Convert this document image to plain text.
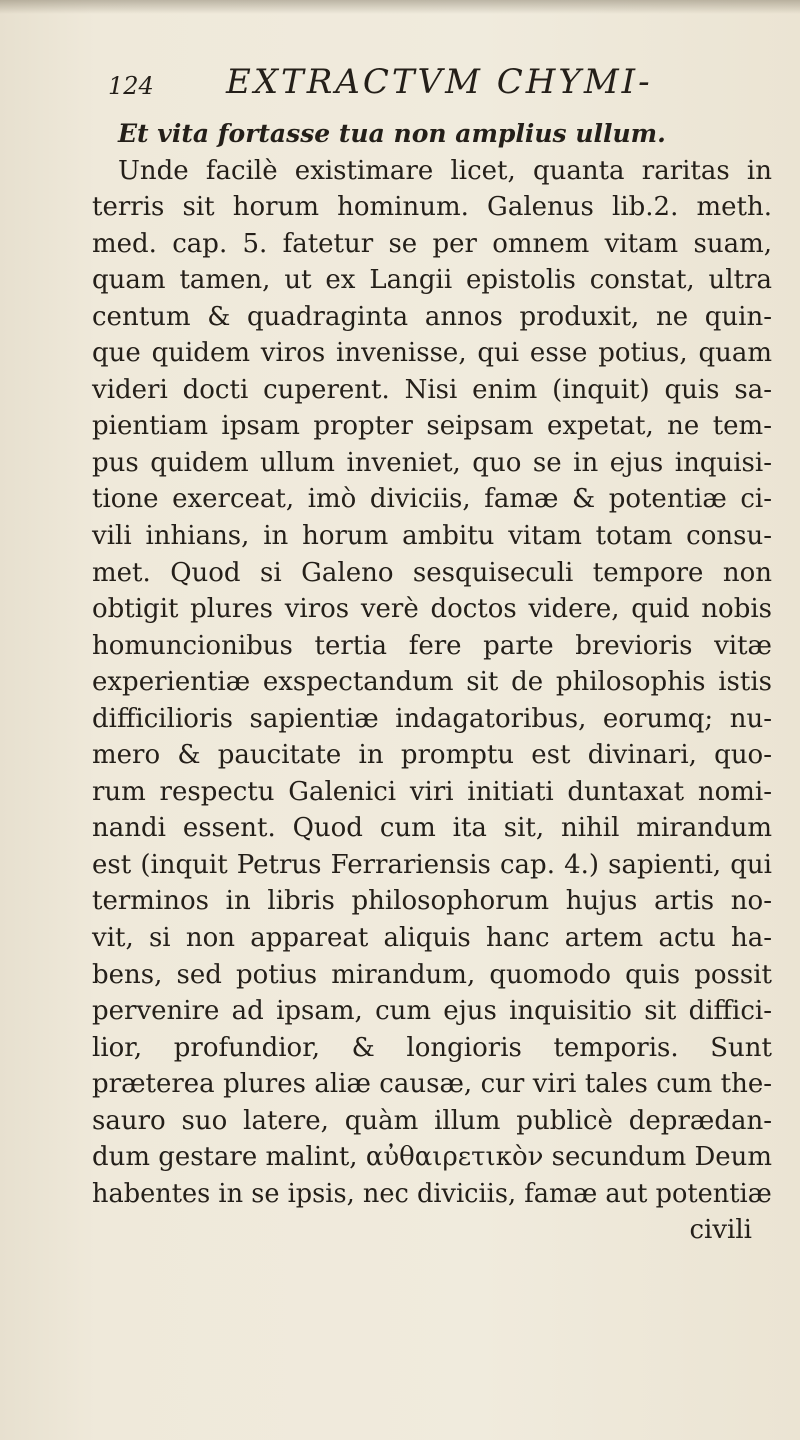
124 EXTRACTVM CHYMI-
Et vita fortasse tua non amplius ullum.
Unde facilè existimare licet, quanta raritas in
terris sit horum hominum. Galenus lib.2. meth.
med. cap. 5. fatetur se per omnem vitam suam,
quam tamen, ut ex Langii epistolis constat, ultra
centum & quadraginta annos produxit, ne quin-
que quidem viros invenisse, qui esse potius, quam
videri docti cuperent. Nisi enim (inquit) quis sa-
pientiam ipsam propter seipsam expetat, ne tem-
pus quidem ullum inveniet, quo se in ejus inquisi-
tione exerceat, imò diviciis, famæ & potentiæ ci-
vili inhians, in horum ambitu vitam totam consu-
met. Quod si Galeno sesquiseculi tempore non
obtigit plures viros verè doctos videre, quid nobis
homuncionibus tertia fere parte brevioris vitæ
experientiæ exspectandum sit de philosophis istis
difficilioris sapientiæ indagatoribus, eorumq; nu-
mero & paucitate in promptu est divinari, quo-
rum respectu Galenici viri initiati duntaxat nomi-
nandi essent. Quod cum ita sit, nihil mirandum
est (inquit Petrus Ferrariensis cap. 4.) sapienti, qui
terminos in libris philosophorum hujus artis no-
vit, si non appareat aliquis hanc artem actu ha-
bens, sed potius mirandum, quomodo quis possit
pervenire ad ipsam, cum ejus inquisitio sit diffici-
lior, profundior, & longioris temporis. Sunt
præterea plures aliæ causæ, cur viri tales cum the-
sauro suo latere, quàm illum publicè deprædan-
dum gestare malint, αὐθαιρετικὸν secundum Deum
habentes in se ipsis, nec diviciis, famæ aut potentiæ
civili
